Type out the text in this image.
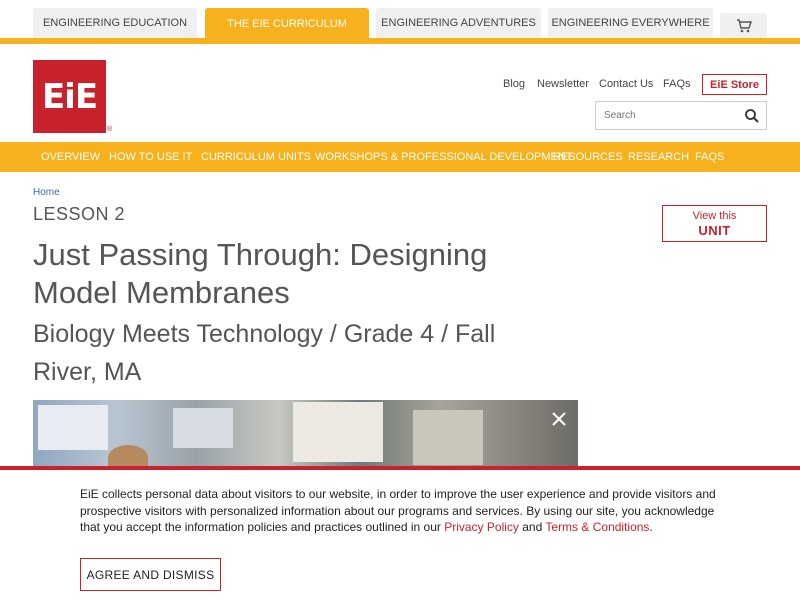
ENGINEERING EDUCATION	THE EIE CURRICULUM	ENGINEERING ADVENTURES	ENGINEERING EVERYWHERE
EiE
®
Blog Newsletter Contact Us FAQs	EiE Store
Search
OVERVIEW HOW TO USE IT CURRICULUM UNITS WORKSHOPS & PROFESSIONAL DEVELOPMENT
RESOURCES RESEARCH FAQS
Home
LESSON 2
Just Passing Through: Designing Model Membranes
Biology Meets Technology / Grade 4 / Fall River, MA
View this
UNIT

EiE collects personal data about visitors to our website, in order to improve the user experience and provide visitors and prospective visitors with personalized information about our programs and services. By using our site, you acknowledge that you accept the information policies and practices outlined in our Privacy Policy and Terms & Conditions.

AGREE AND DISMISS
